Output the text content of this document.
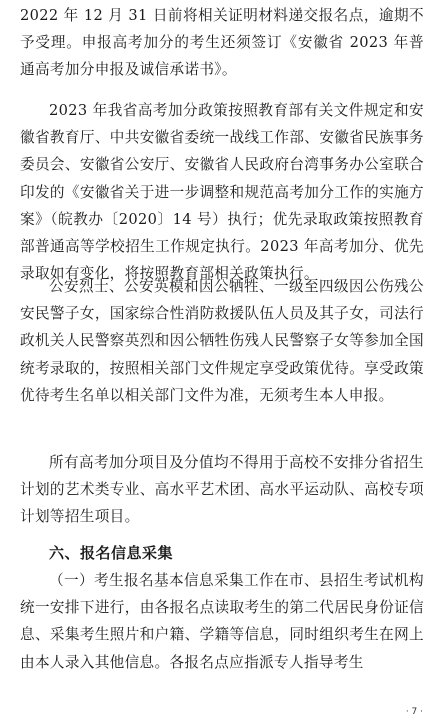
2022 年 12 月 31 日前将相关证明材料递交报名点，逾期不予受理。申报高考加分的考生还须签订《安徽省 2023 年普通高考加分申报及诚信承诺书》。

2023 年我省高考加分政策按照教育部有关文件规定和安徽省教育厅、中共安徽省委统一战线工作部、安徽省民族事务委员会、安徽省公安厅、安徽省人民政府台湾事务办公室联合印发的《安徽省关于进一步调整和规范高考加分工作的实施方案》（皖教办〔2020〕14 号）执行；优先录取政策按照教育部普通高等学校招生工作规定执行。2023 年高考加分、优先录取如有变化，将按照教育部相关政策执行。

公安烈士、公安英模和因公牺牲、一级至四级因公伤残公安民警子女，国家综合性消防救援队伍人员及其子女，司法行政机关人民警察英烈和因公牺牲伤残人民警察子女等参加全国统考录取的，按照相关部门文件规定享受政策优待。享受政策优待考生名单以相关部门文件为准，无须考生本人申报。

所有高考加分项目及分值均不得用于高校不安排分省招生计划的艺术类专业、高水平艺术团、高水平运动队、高校专项计划等招生项目。

六、报名信息采集

（一）考生报名基本信息采集工作在市、县招生考试机构统一安排下进行，由各报名点读取考生的第二代居民身份证信息、采集考生照片和户籍、学籍等信息，同时组织考生在网上由本人录入其他信息。各报名点应指派专人指导考生

· 7 ·
